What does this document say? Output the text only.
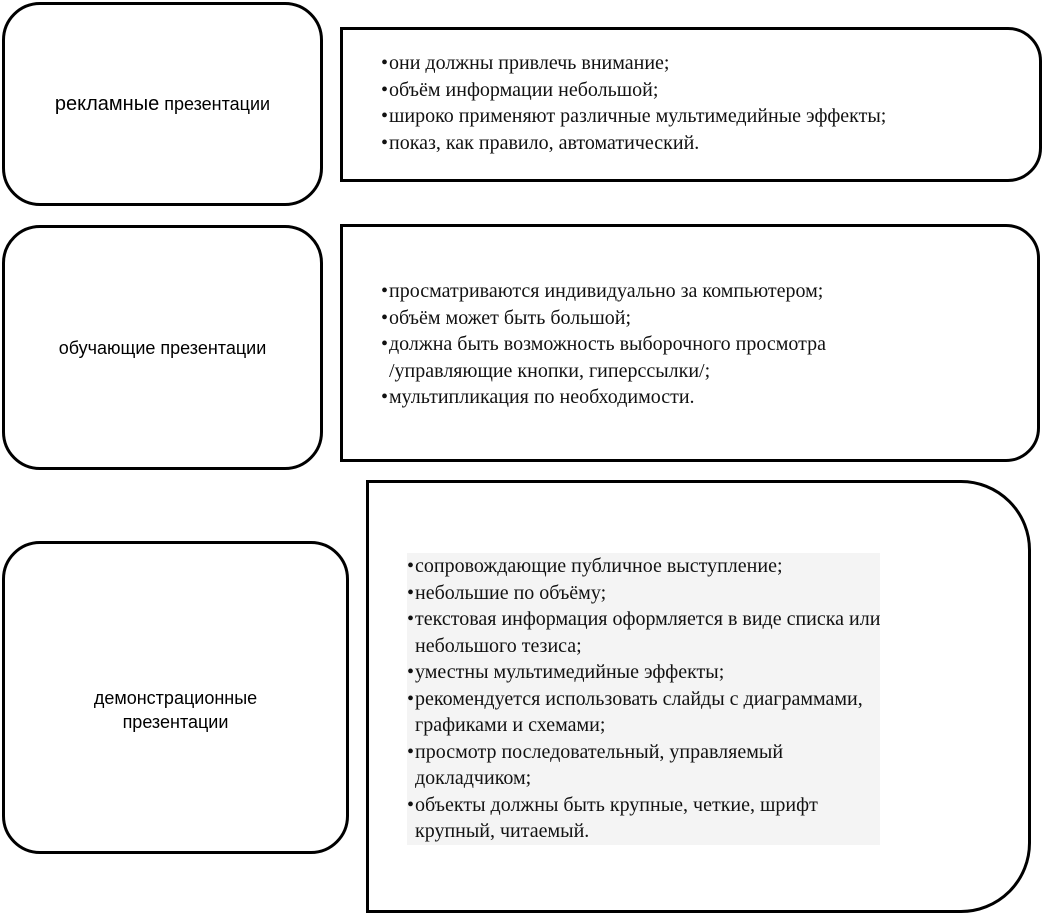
рекламные презентации
• они должны привлечь внимание;
• объём информации небольшой;
• широко применяют различные мультимедийные эффекты;
• показ, как правило, автоматический.
обучающие презентации
• просматриваются индивидуально за компьютером;
• объём может быть большой;
• должна быть возможность выборочного просмотра
/управляющие кнопки, гиперссылки/;
• мультипликация по необходимости.

демонстрационные
презентации

• сопровождающие публичное выступление;
• небольшие по объёму;
• текстовая информация оформляется в виде списка или
небольшого тезиса;
• уместны мультимедийные эффекты;
• рекомендуется использовать слайды с диаграммами,
графиками и схемами;
• просмотр последовательный, управляемый
докладчиком;
• объекты должны быть крупные, четкие, шрифт
крупный, читаемый.
